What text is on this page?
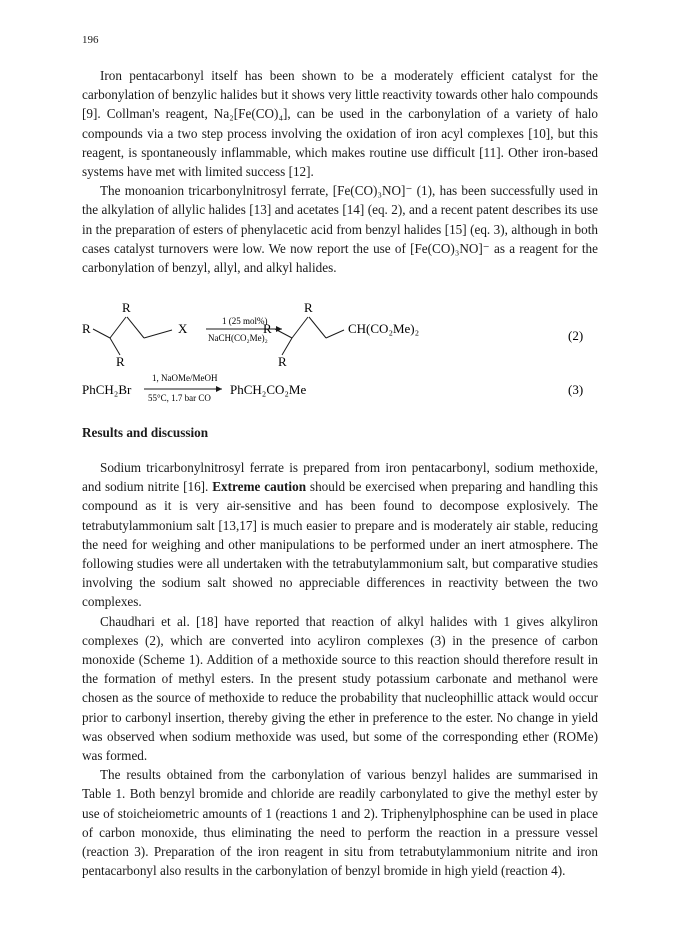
196

Iron pentacarbonyl itself has been shown to be a moderately efficient catalyst for the carbonylation of benzylic halides but it shows very little reactivity towards other halo compounds [9]. Collman's reagent, Na₂[Fe(CO)₄], can be used in the carbonylation of a variety of halo compounds via a two step process involving the oxidation of iron acyl complexes [10], but this reagent, is spontaneously inflammable, which makes routine use difficult [11]. Other iron-based systems have met with limited success [12].

The monoanion tricarbonylnitrosyl ferrate, [Fe(CO)₃NO]⁻ (1), has been successfully used in the alkylation of allylic halides [13] and acetates [14] (eq. 2), and a recent patent describes its use in the preparation of esters of phenylacetic acid from benzyl halides [15] (eq. 3), although in both cases catalyst turnovers were low. We now report the use of [Fe(CO)₃NO]⁻ as a reagent for the carbonylation of benzyl, allyl, and alkyl halides.

R
R	X
R
1 (25 mol%)
NaCH(CO₂Me)₂
R
R	CH(CO₂Me)₂
R
(2)
PhCH₂Br
1, NaOMe/MeOH
55°C, 1.7 bar CO
PhCH₂CO₂Me	(3)
Results and discussion

Sodium tricarbonylnitrosyl ferrate is prepared from iron pentacarbonyl, sodium methoxide, and sodium nitrite [16]. Extreme caution should be exercised when preparing and handling this compound as it is very air-sensitive and has been found to decompose explosively. The tetrabutylammonium salt [13,17] is much easier to prepare and is moderately air stable, reducing the need for weighing and other manipulations to be performed under an inert atmosphere. The following studies were all undertaken with the tetrabutylammonium salt, but comparative studies involving the sodium salt showed no appreciable differences in reactivity between the two complexes.

Chaudhari et al. [18] have reported that reaction of alkyl halides with 1 gives alkyliron complexes (2), which are converted into acyliron complexes (3) in the presence of carbon monoxide (Scheme 1). Addition of a methoxide source to this reaction should therefore result in the formation of methyl esters. In the present study potassium carbonate and methanol were chosen as the source of methoxide to reduce the probability that nucleophillic attack would occur prior to carbonyl insertion, thereby giving the ether in preference to the ester. No change in yield was observed when sodium methoxide was used, but some of the corresponding ether (ROMe) was formed.

The results obtained from the carbonylation of various benzyl halides are summarised in Table 1. Both benzyl bromide and chloride are readily carbonylated to give the methyl ester by use of stoicheiometric amounts of 1 (reactions 1 and 2). Triphenylphosphine can be used in place of carbon monoxide, thus eliminating the need to perform the reaction in a pressure vessel (reaction 3). Preparation of the iron reagent in situ from tetrabutylammonium nitrite and iron pentacarbonyl also results in the carbonylation of benzyl bromide in high yield (reaction 4).
